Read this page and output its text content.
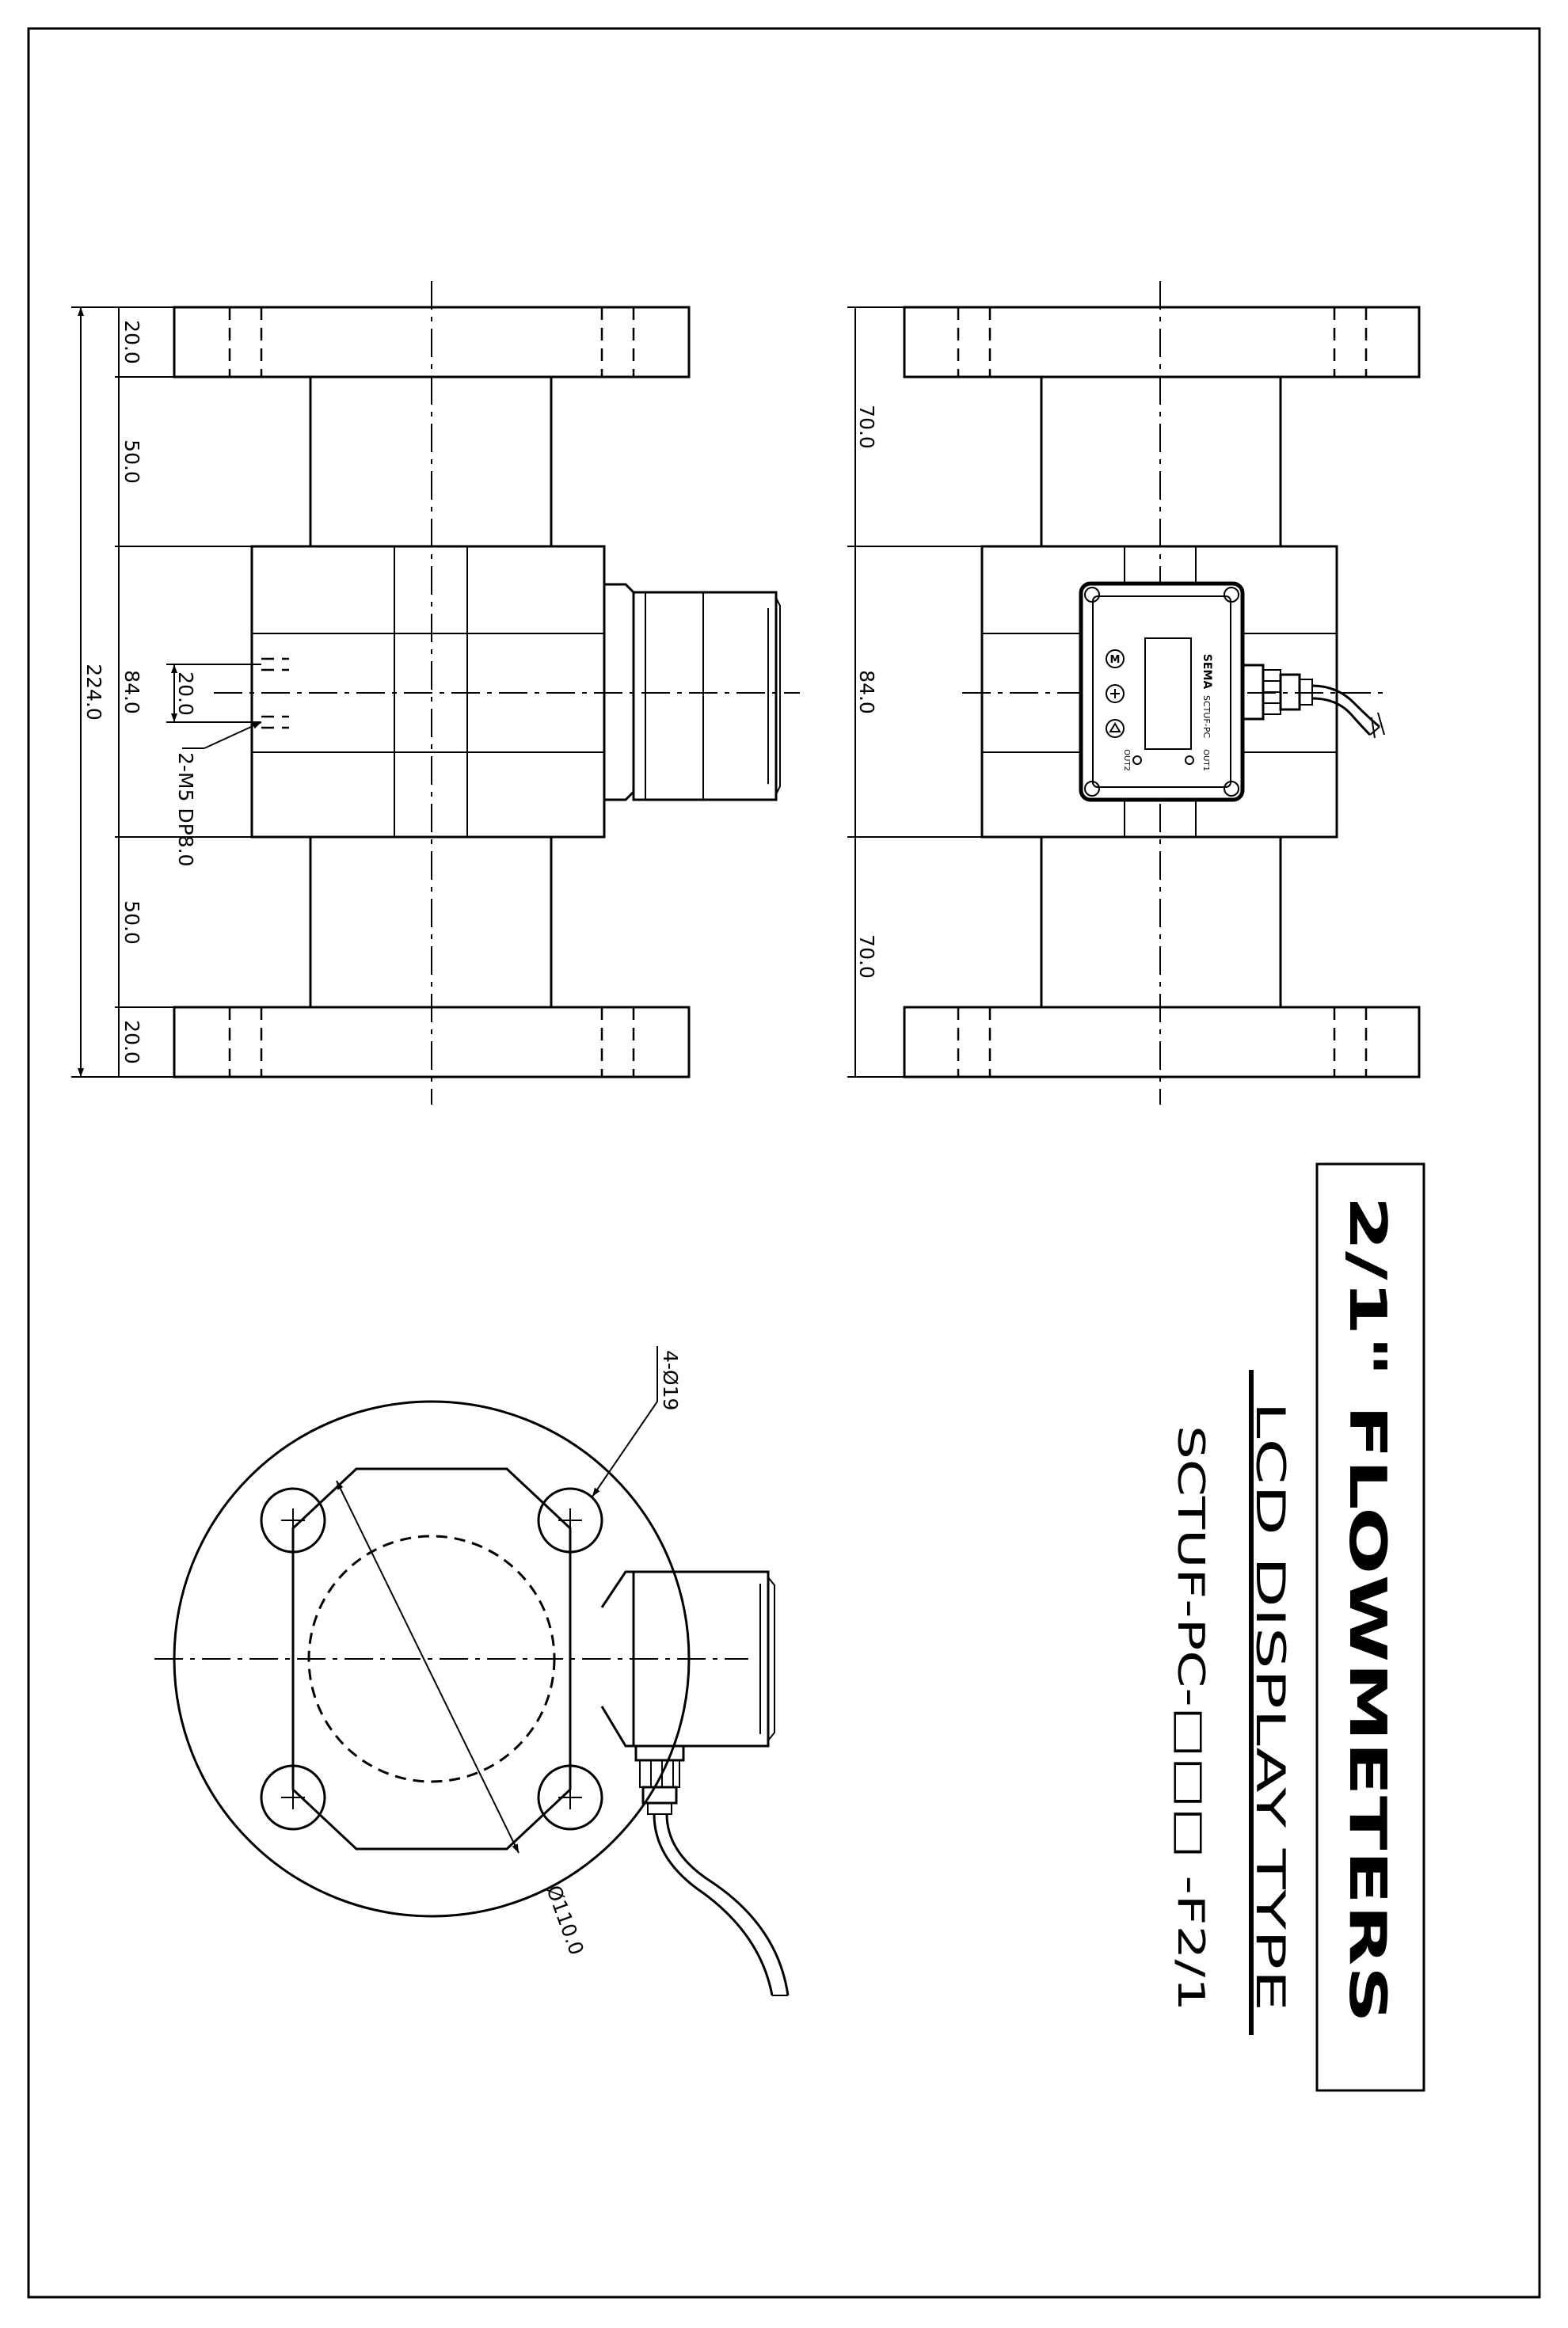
20.0
50.0
84.0
50.0
20.0
224.0	20.0
2-M5 DP8.0
SEMA
SCTUF-PC
M
OUT1
OUT2
70.0
84.0
70.0
Ø110.0
4-Ø19	2/1" FLOWMETERS
LCD DISPLAY TYPE
SCTUF-PC-□□□ -F2/1
